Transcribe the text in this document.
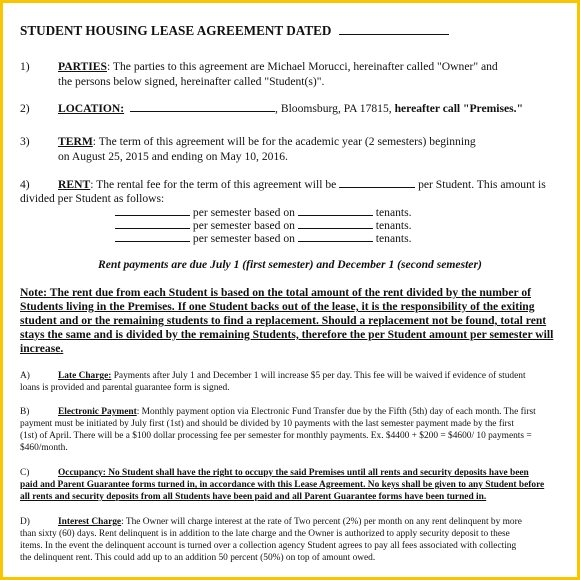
STUDENT HOUSING LEASE AGREEMENT DATED
1) PARTIES: The parties to this agreement are Michael Morucci, hereinafter called "Owner" and
the persons below signed, hereinafter called "Student(s)".
2) LOCATION:	, Bloomsburg, PA 17815, hereafter call "Premises."
3) TERM: The term of this agreement will be for the academic year (2 semesters) beginning
on August 25, 2015 and ending on May 10, 2016.
4) RENT: The rental fee for the term of this agreement will be	per Student. This amount is
divided per Student as follows:
per semester based on	tenants.
per semester based on	tenants.
per semester based on	tenants.
Rent payments are due July 1 (first semester) and December 1 (second semester)
Note: The rent due from each Student is based on the total amount of the rent divided by the number of
Students living in the Premises. If one Student backs out of the lease, it is the responsibility of the exiting
student and or the remaining students to find a replacement. Should a replacement not be found, total rent
stays the same and is divided by the remaining Students, therefore the per Student amount per semester will
increase.
A)	Late Charge: Payments after July 1 and December 1 will increase $5 per day. This fee will be waived if evidence of student
loans is provided and parental guarantee form is signed.
B)	Electronic Payment: Monthly payment option via Electronic Fund Transfer due by the Fifth (5th) day of each month. The first
payment must be initiated by July first (1st) and should be divided by 10 payments with the last semester payment made by the first
(1st) of April. There will be a $100 dollar processing fee per semester for monthly payments. Ex. $4400 + $200 = $4600/ 10 payments =
$460/month.
C)	Occupancy: No Student shall have the right to occupy the said Premises until all rents and security deposits have been
paid and Parent Guarantee forms turned in, in accordance with this Lease Agreement. No keys shall be given to any Student before
all rents and security deposits from all Students have been paid and all Parent Guarantee forms have been turned in.
D)	Interest Charge: The Owner will charge interest at the rate of Two percent (2%) per month on any rent delinquent by more
than sixty (60) days. Rent delinquent is in addition to the late charge and the Owner is authorized to apply security deposit to these
items. In the event the delinquent account is turned over a collection agency Student agrees to pay all fees associated with collecting
the delinquent rent. This could add up to an addition 50 percent (50%) on top of amount owed.
